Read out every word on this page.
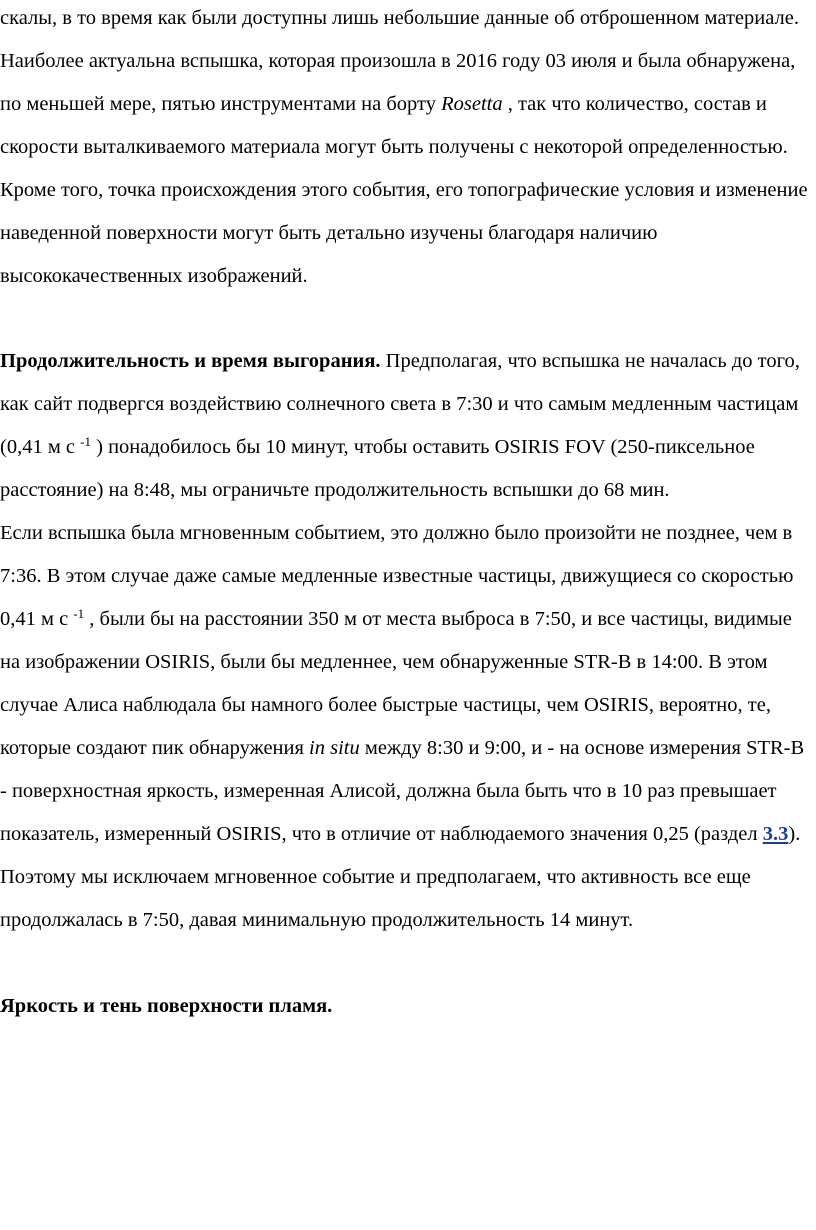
скалы, в то время как были доступны лишь небольшие данные об отброшенном материале.

Наиболее актуальна вспышка, которая произошла в 2016 году 03 июля и была обнаружена, по меньшей мере, пятью инструментами на борту Rosetta , так что количество, состав и скорости выталкиваемого материала могут быть получены с некоторой определенностью. Кроме того, точка происхождения этого события, его топографические условия и изменение наведенной поверхности могут быть детально изучены благодаря наличию высококачественных изображений.

Продолжительность и время выгорания. Предполагая, что вспышка не началась до того, как сайт подвергся воздействию солнечного света в 7:30 и что самым медленным частицам (0,41 м с $^{-1}$ ) понадобилось бы 10 минут, чтобы оставить OSIRIS FOV (250-пиксельное расстояние) на 8:48, мы ограничьте продолжительность вспышки до 68 мин.

Если вспышка была мгновенным событием, это должно было произойти не позднее, чем в 7:36. В этом случае даже самые медленные известные частицы, движущиеся со скоростью 0,41 м с $^{-1}$ , были бы на расстоянии 350 м от места выброса в 7:50, и все частицы, видимые на изображении OSIRIS, были бы медленнее, чем обнаруженные STR-B в 14:00. В этом случае Алиса наблюдала бы намного более быстрые частицы, чем OSIRIS, вероятно, те, которые создают пик обнаружения in situ между 8:30 и 9:00, и - на основе измерения STR-B - поверхностная яркость, измеренная Алисой, должна была быть что в 10 раз превышает показатель, измеренный OSIRIS, что в отличие от наблюдаемого значения 0,25 (раздел 3.3). Поэтому мы исключаем мгновенное событие и предполагаем, что активность все еще продолжалась в 7:50, давая минимальную продолжительность 14 минут.

Яркость и тень поверхности пламя.
